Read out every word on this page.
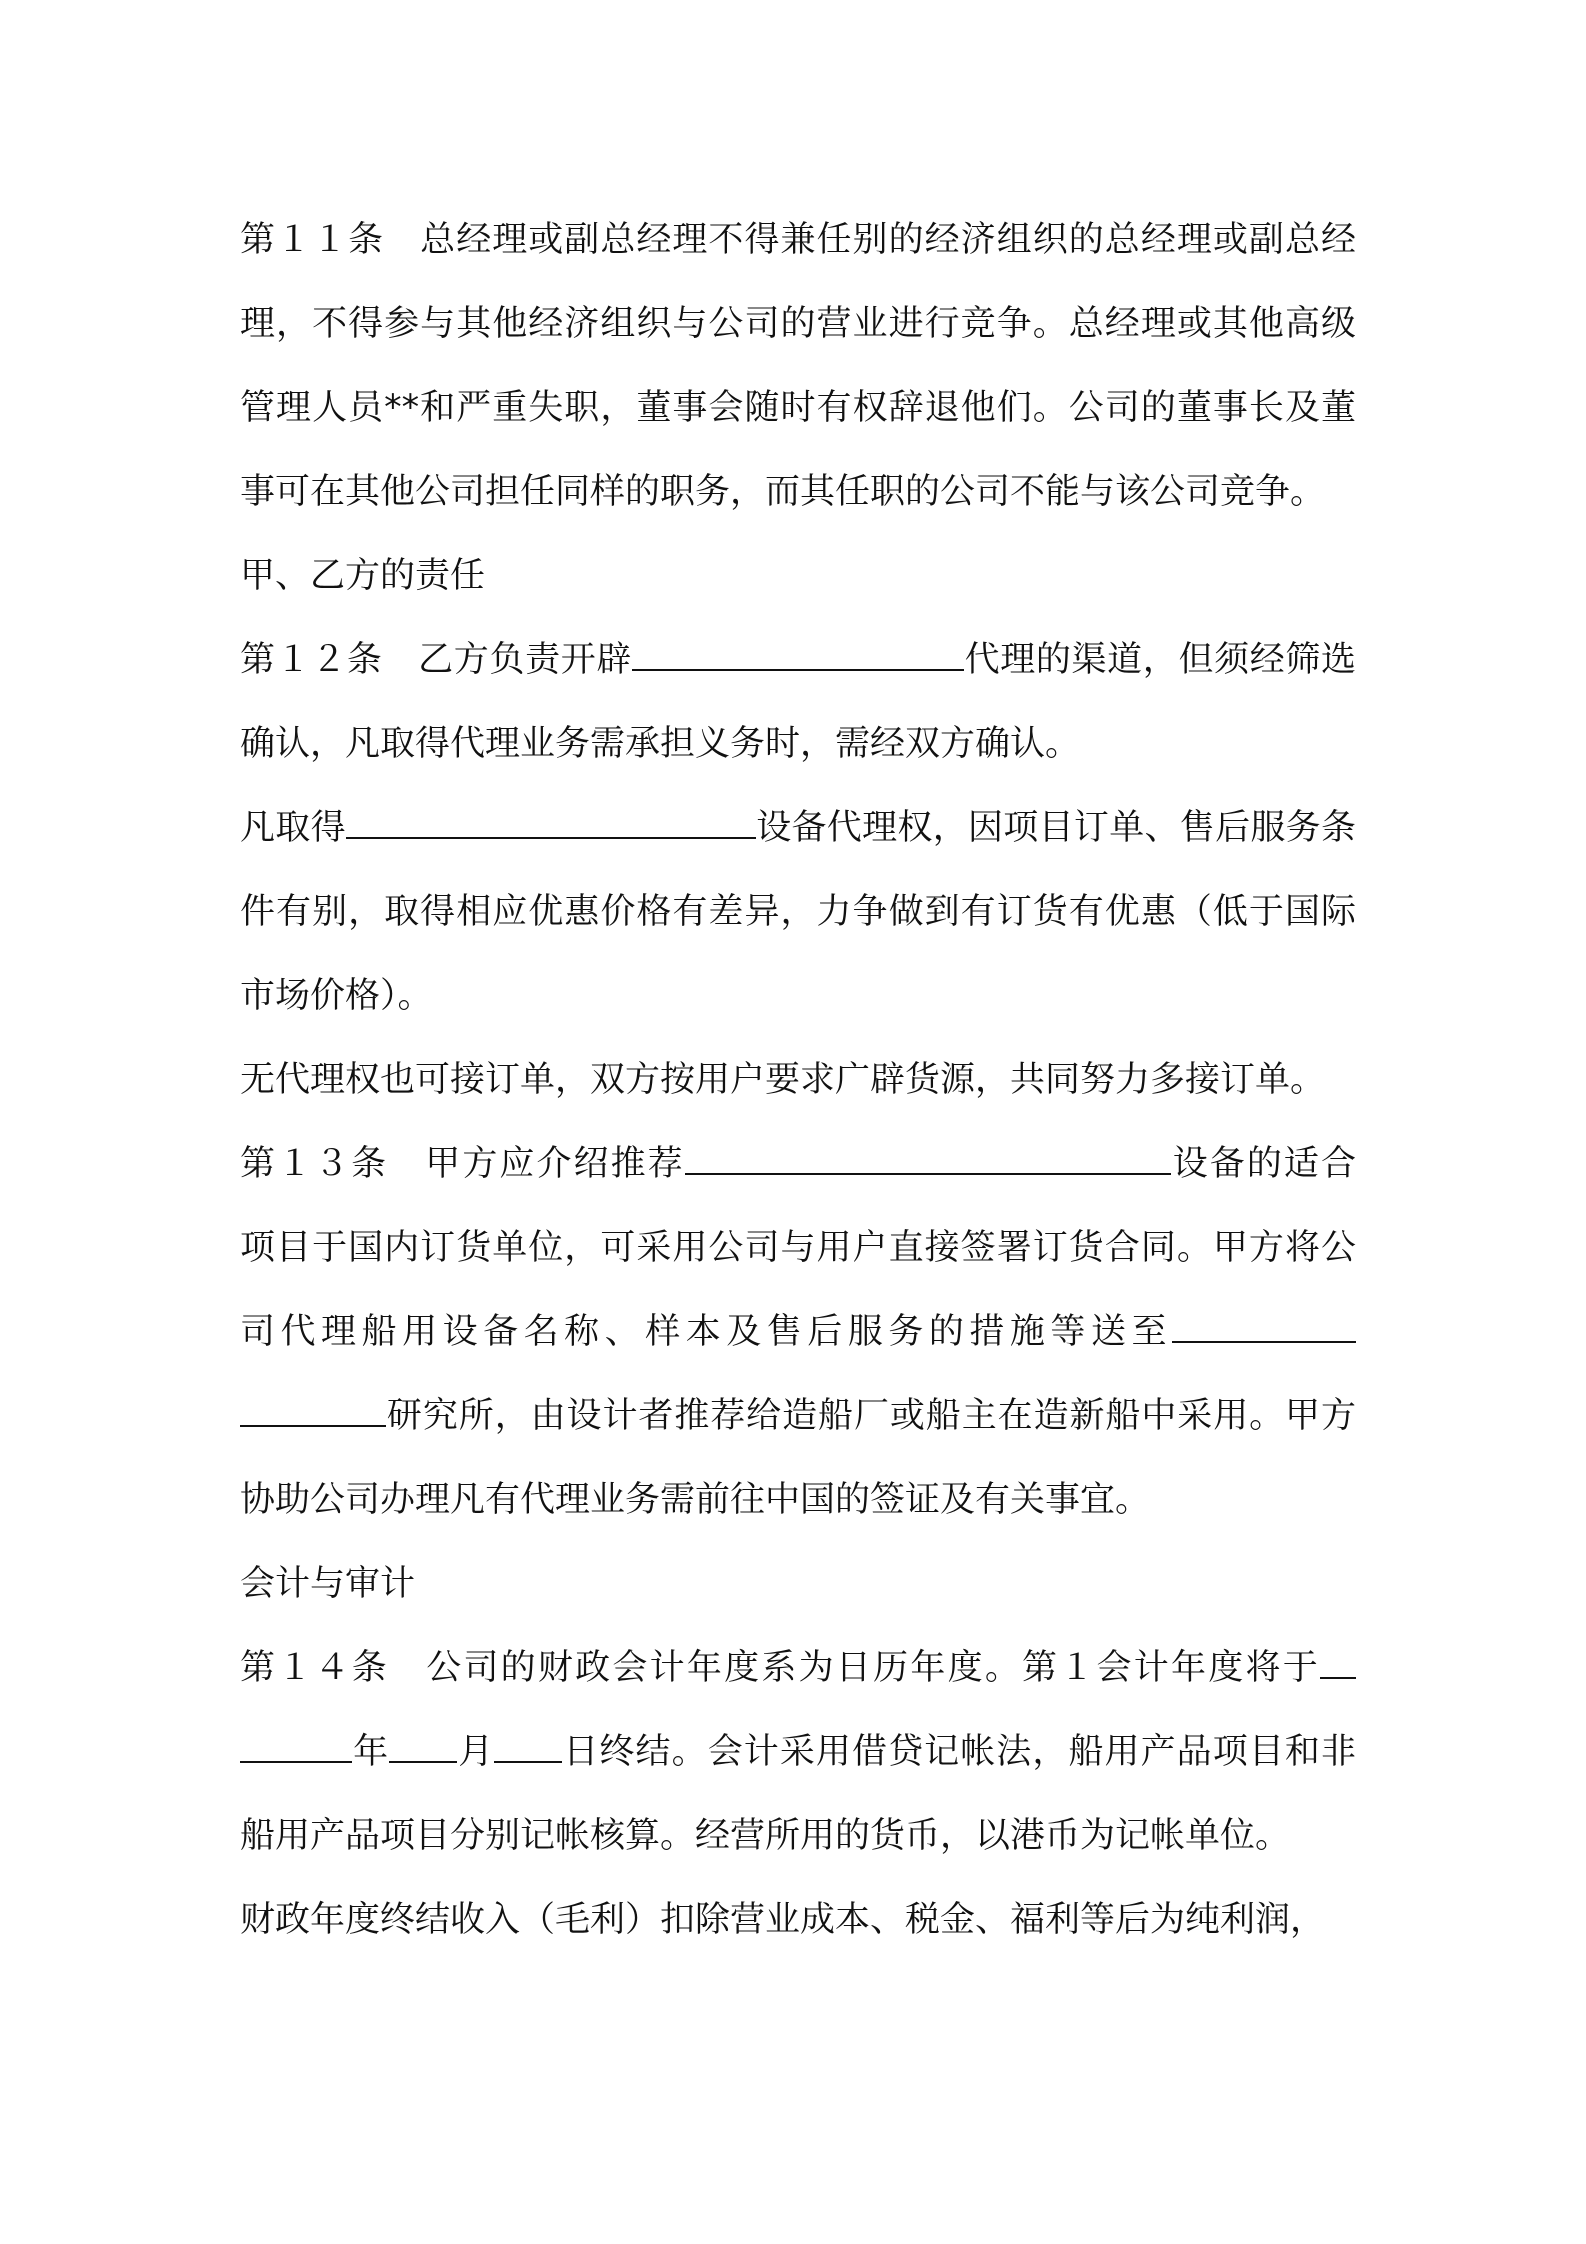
第１１条　总经理或副总经理不得兼任别的经济组织的总经理或副总经理，不得参与其他经济组织与公司的营业进行竞争。总经理或其他高级管理人员**和严重失职，董事会随时有权辞退他们。公司的董事长及董事可在其他公司担任同样的职务，而其任职的公司不能与该公司竞争。

甲、乙方的责任

第１２条　乙方负责开辟	代理的渠道，但须经筛选确认，凡取得代理业务需承担义务时，需经双方确认。

凡取得	设备代理权，因项目订单、售后服务条件有别，取得相应优惠价格有差异，力争做到有订货有优惠（低于国际市场价格）。

无代理权也可接订单，双方按用户要求广辟货源，共同努力多接订单。

第１３条　甲方应介绍推荐	设备的适合项目于国内订货单位，可采用公司与用户直接签署订货合同。甲方将公司代理船用设备名称、样本及售后服务的措施等送至研究所，由设计者推荐给造船厂或船主在造新船中采用。甲方协助公司办理凡有代理业务需前往中国的签证及有关事宜。

会计与审计

第１４条　公司的财政会计年度系为日历年度。第１会计年度将于年 月 日终结。会计采用借贷记帐法，船用产品项目和非船用产品项目分别记帐核算。经营所用的货币，以港币为记帐单位。

财政年度终结收入（毛利）扣除营业成本、税金、福利等后为纯利润，
